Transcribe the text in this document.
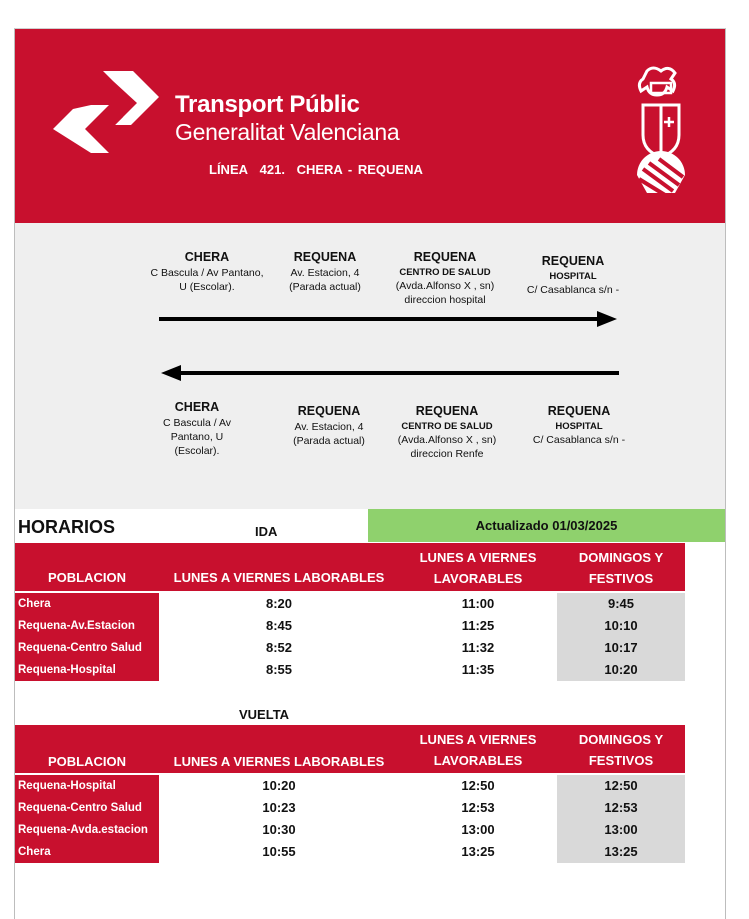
Transport Públic
Generalitat Valenciana
LÍNEA 421. CHERA - REQUENA
CHERA
C Bascula / Av Pantano,
U (Escolar).
REQUENA
Av. Estacion, 4
(Parada actual)
REQUENA
CENTRO DE SALUD
(Avda.Alfonso X , sn)
direccion hospital
REQUENA
HOSPITAL
C/ Casablanca s/n -
CHERA
C Bascula / Av
Pantano, U
(Escolar).
REQUENA
Av. Estacion, 4
(Parada actual)
REQUENA
CENTRO DE SALUD
(Avda.Alfonso X , sn)
direccion Renfe
REQUENA
HOSPITAL
C/ Casablanca s/n -
HORARIOS	IDA	Actualizado 01/03/2025
POBLACION	LUNES A VIERNES LABORABLES
LUNES A VIERNES
LAVORABLES
DOMINGOS Y
FESTIVOS
Chera	8:20	11:00	9:45
Requena-Av.Estacion	8:45	11:25	10:10
Requena-Centro Salud	8:52	11:32	10:17
Requena-Hospital	8:55	11:35	10:20
VUELTA
POBLACION	LUNES A VIERNES LABORABLES
LUNES A VIERNES
LAVORABLES
DOMINGOS Y
FESTIVOS
Requena-Hospital	10:20	12:50	12:50
Requena-Centro Salud	10:23	12:53	12:53
Requena-Avda.estacion	10:30	13:00	13:00
Chera	10:55	13:25	13:25
